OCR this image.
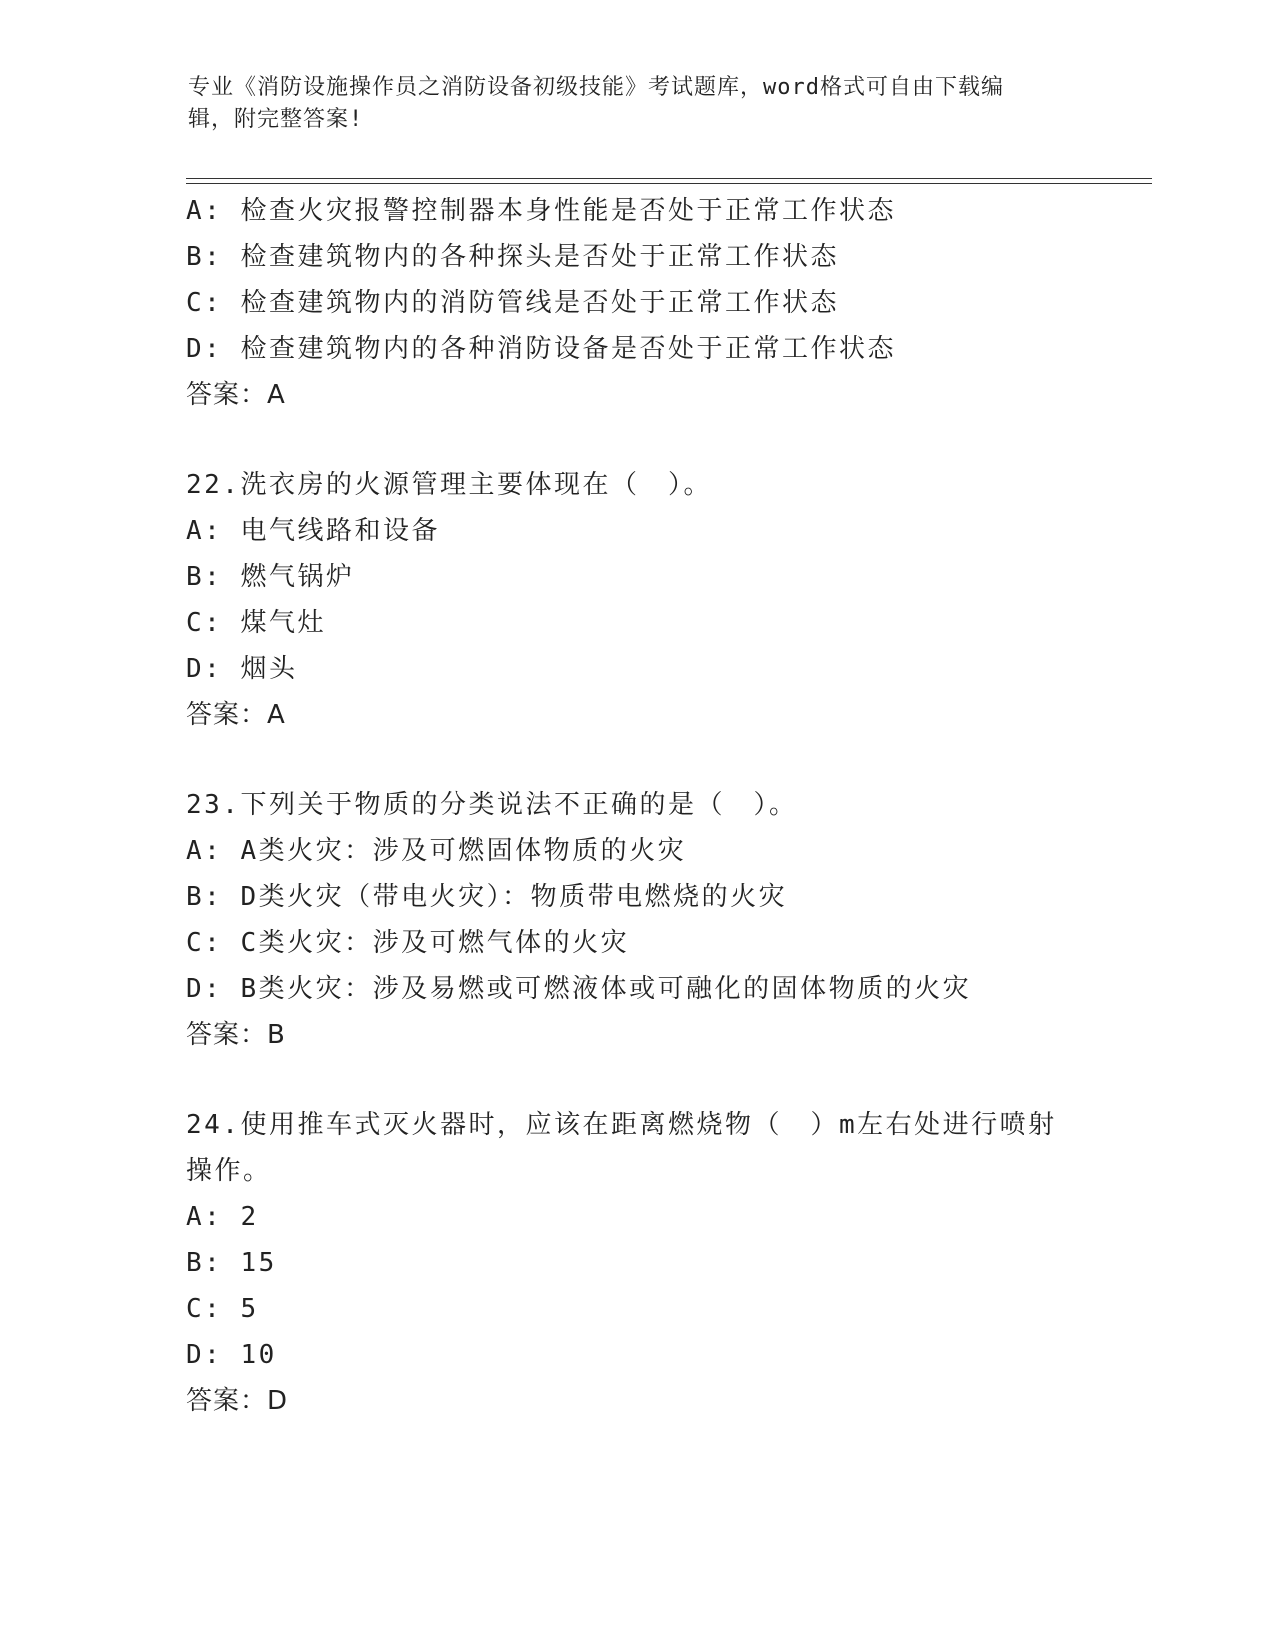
专业《消防设施操作员之消防设备初级技能》考试题库，word格式可自由下载编
辑，附完整答案!
A: 检查火灾报警控制器本身性能是否处于正常工作状态
B: 检查建筑物内的各种探头是否处于正常工作状态
C: 检查建筑物内的消防管线是否处于正常工作状态
D: 检查建筑物内的各种消防设备是否处于正常工作状态
答案：A
22.洗衣房的火源管理主要体现在（　）。
A: 电气线路和设备
B: 燃气锅炉
C: 煤气灶
D: 烟头
答案：A
23.下列关于物质的分类说法不正确的是（　）。
A: A类火灾：涉及可燃固体物质的火灾
B: D类火灾（带电火灾）：物质带电燃烧的火灾
C: C类火灾：涉及可燃气体的火灾
D: B类火灾：涉及易燃或可燃液体或可融化的固体物质的火灾
答案：B
24.使用推车式灭火器时，应该在距离燃烧物（　）m左右处进行喷射
操作。
A: 2
B: 15
C: 5
D: 10
答案：D
